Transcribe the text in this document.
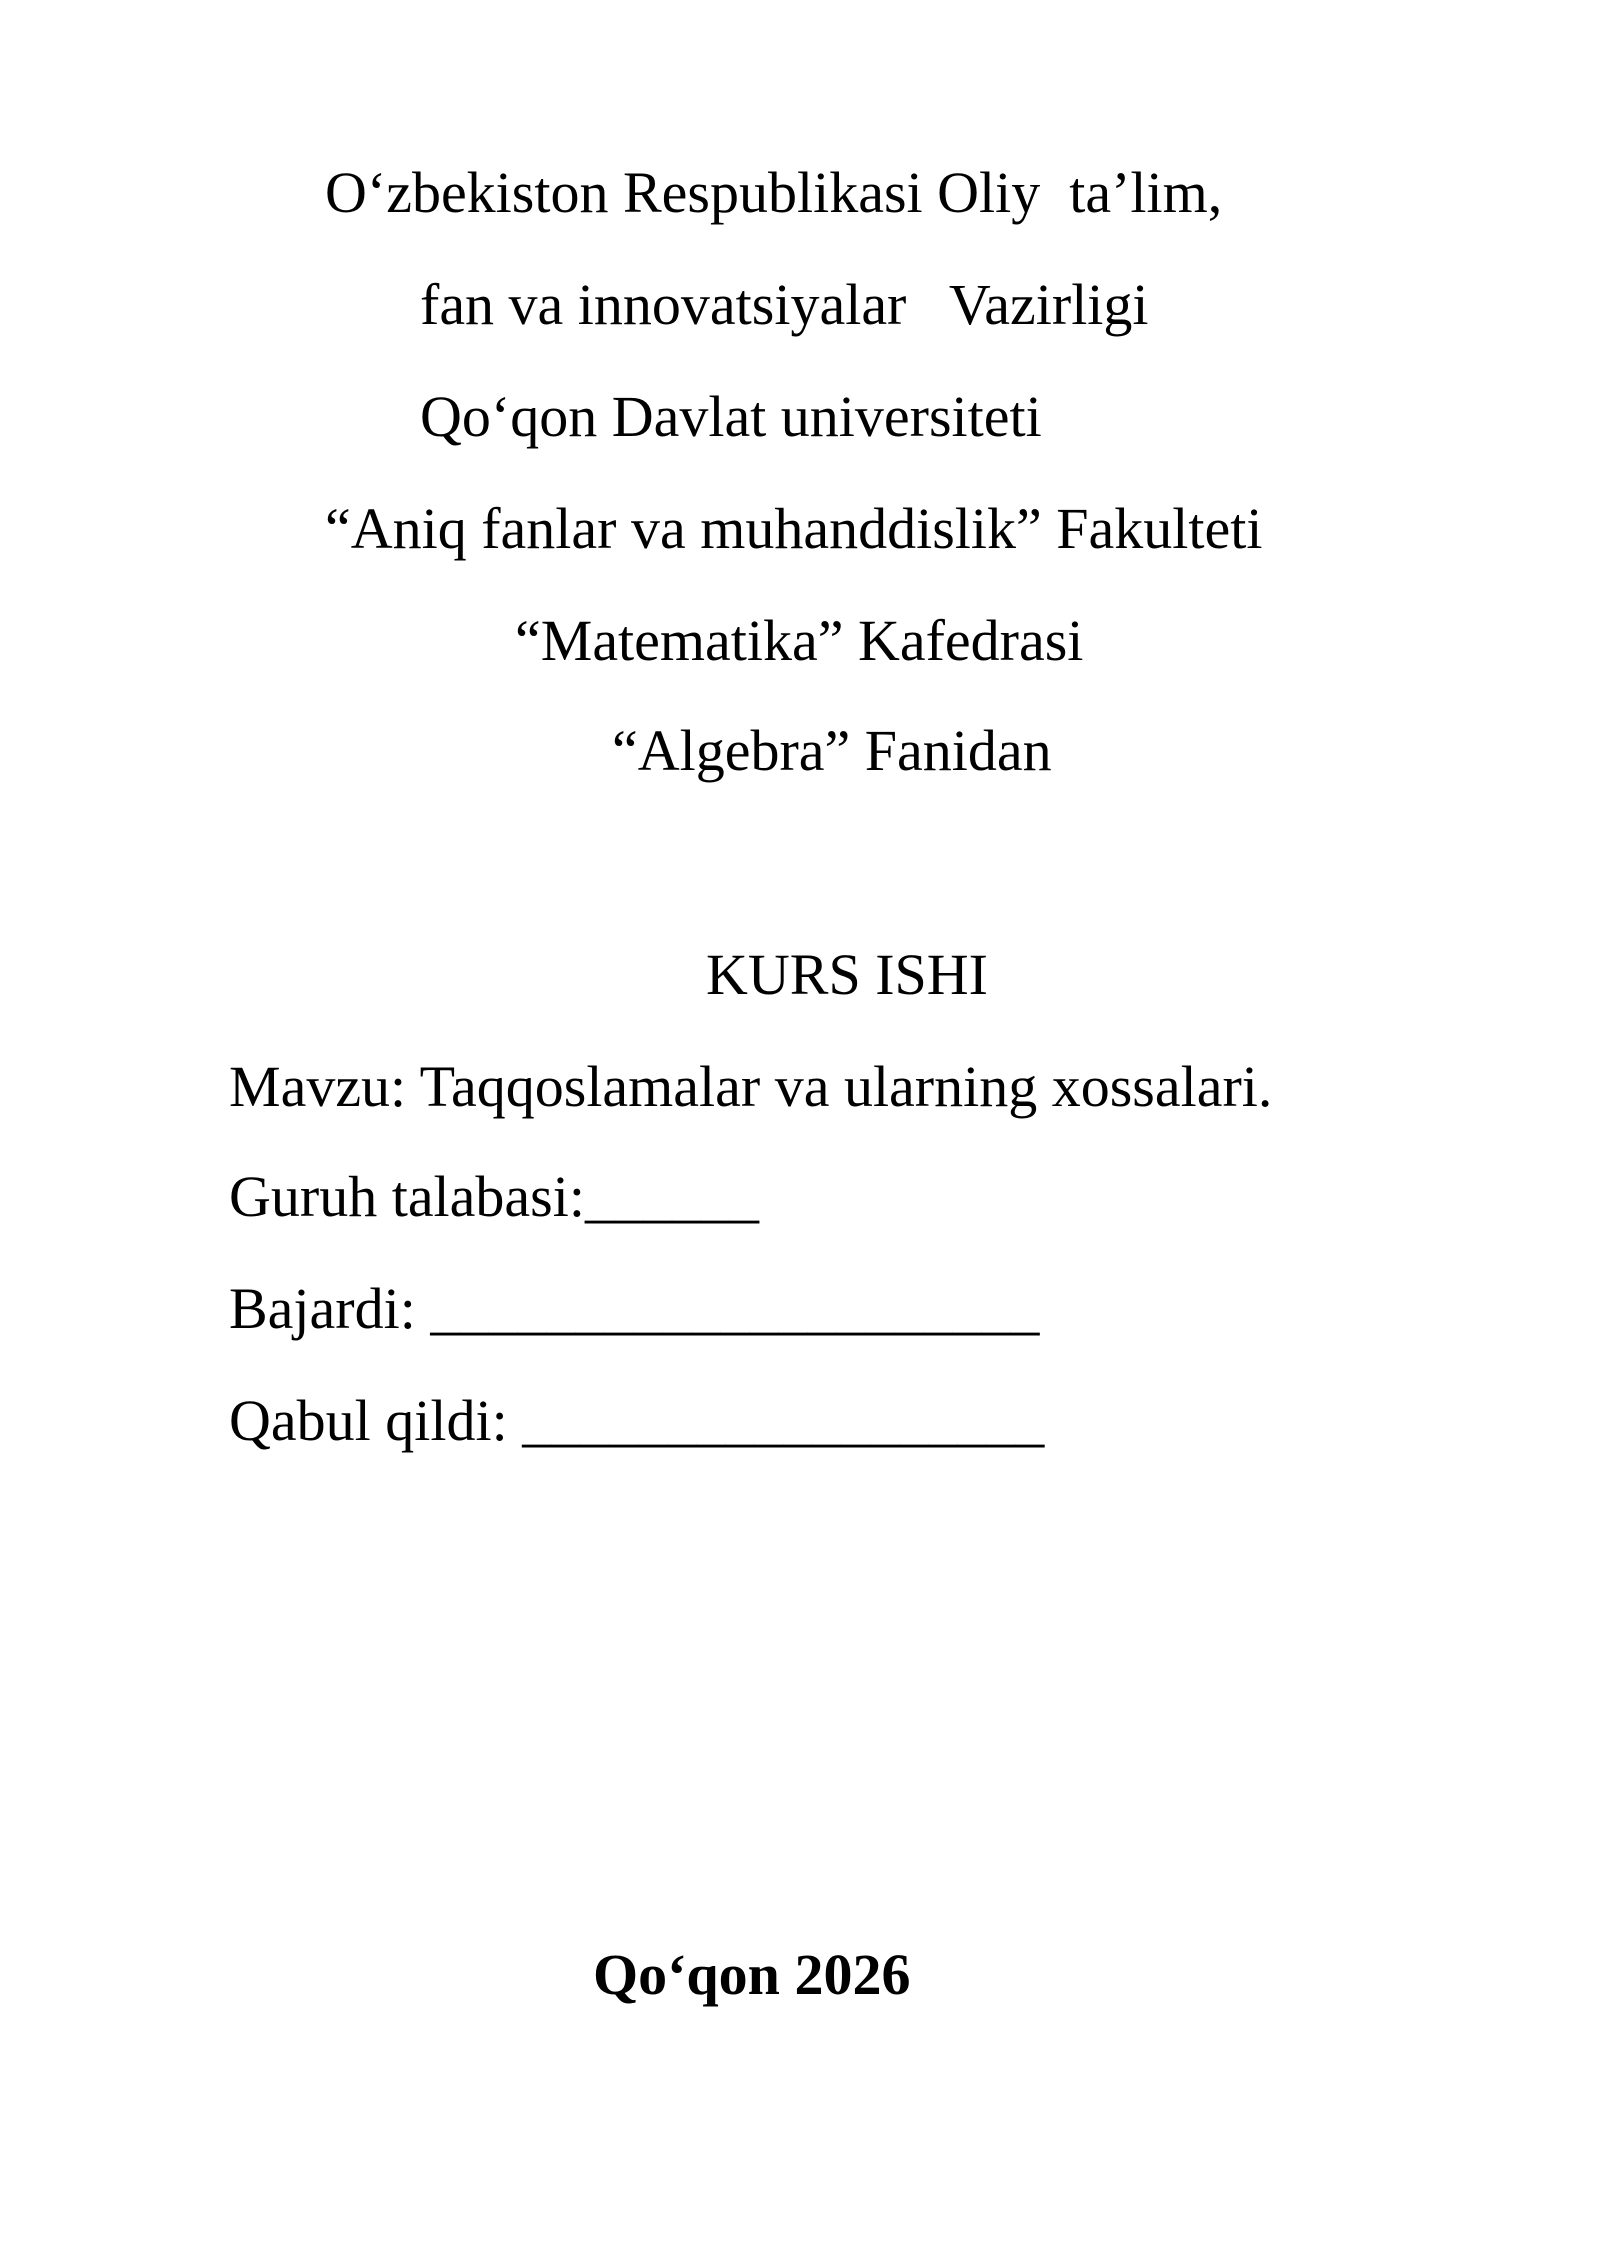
O‘zbekiston Respublikasi Oliy  ta’lim,
fan va innovatsiyalar   Vazirligi
Qo‘qon Davlat universiteti
“Aniq fanlar va muhanddislik” Fakulteti
“Matematika” Kafedrasi
“Algebra” Fanidan
KURS ISHI
Mavzu: Taqqoslamalar va ularning xossalari.
Guruh talabasi:______
Bajardi: _____________________
Qabul qildi: __________________
Qo‘qon 2026
